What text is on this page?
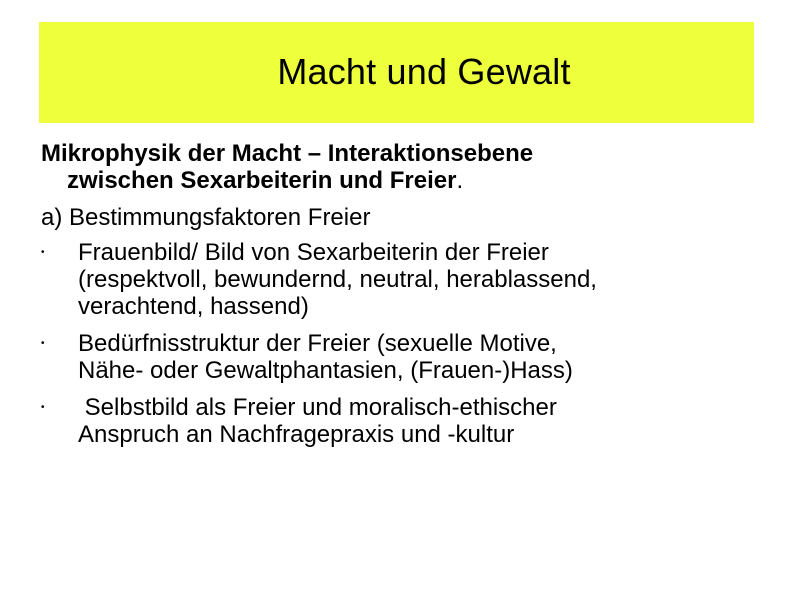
Macht und Gewalt
Mikrophysik der Macht – Interaktionsebene
zwischen Sexarbeiterin und Freier.
a) Bestimmungsfaktoren Freier
• Frauenbild/ Bild von Sexarbeiterin der Freier
(respektvoll, bewundernd, neutral, herablassend,
verachtend, hassend)
• Bedürfnisstruktur der Freier (sexuelle Motive,
Nähe- oder Gewaltphantasien, (Frauen-)Hass)
• Selbstbild als Freier und moralisch-ethischer
Anspruch an Nachfragepraxis und -kultur
